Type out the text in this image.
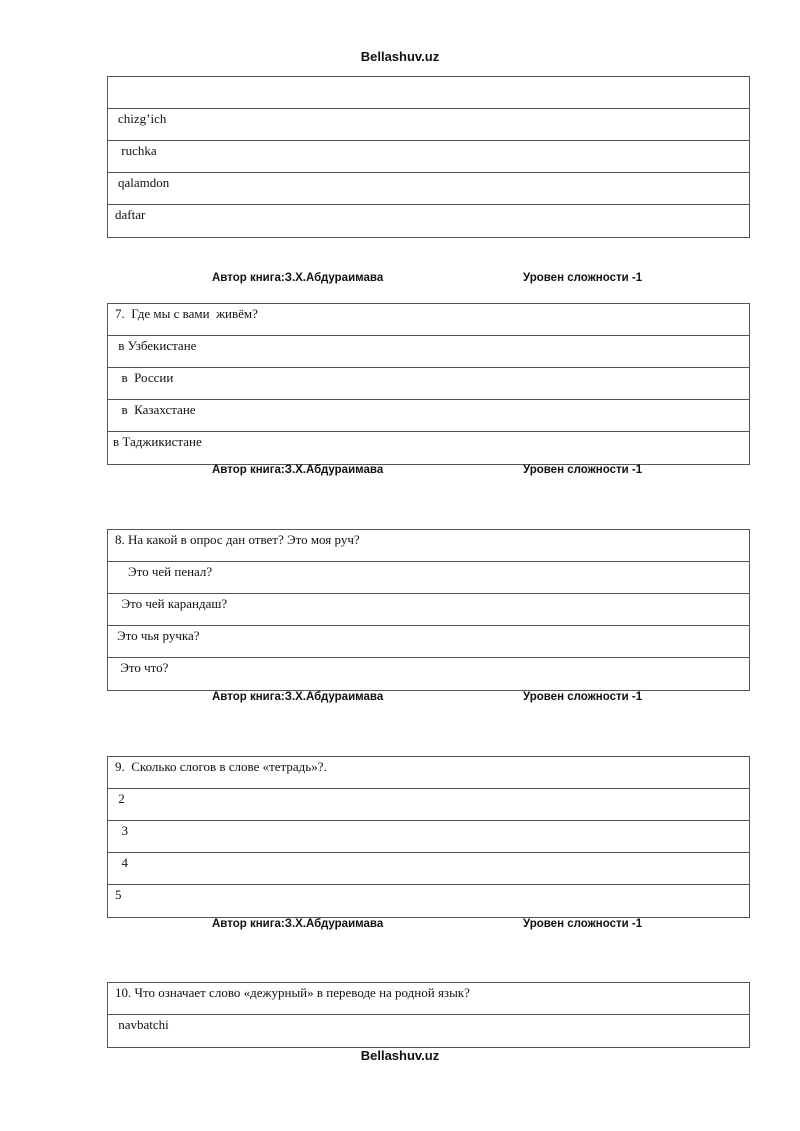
Bellashuv.uz
chizg’ich
ruchka
qalamdon
daftar
Автор книга:З.Х.Абдураимава	Уровен сложности -1
7.  Где мы с вами  живём?
в Узбекистане
в  России
в  Казахстане
в Таджикистане
Автор книга:З.Х.Абдураимава	Уровен сложности -1
8. На какой в опрос дан ответ? Это моя руч?
Это чей пенал?
Это чей карандаш?
Это чья ручка?
Это что?
Автор книга:З.Х.Абдураимава	Уровен сложности -1
9.  Сколько слогов в слове «тетрадь»?.
2
3
4
5
Автор книга:З.Х.Абдураимава	Уровен сложности -1
10. Что означает слово «дежурный» в переводе на родной язык?
navbatchi
Bellashuv.uz
